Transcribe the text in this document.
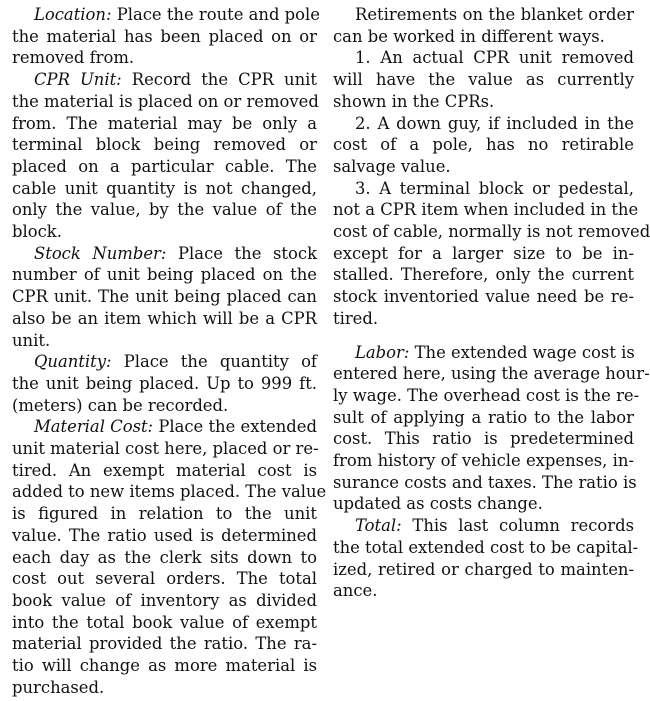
Location: Place the route and pole
the material has been placed on or
removed from.
CPR Unit: Record the CPR unit
the material is placed on or removed
from. The material may be only a
terminal block being removed or
placed on a particular cable. The
cable unit quantity is not changed,
only the value, by the value of the
block.
Stock Number: Place the stock
number of unit being placed on the
CPR unit. The unit being placed can
also be an item which will be a CPR
unit.
Quantity: Place the quantity of
the unit being placed. Up to 999 ft.
(meters) can be recorded.
Material Cost: Place the extended
unit material cost here, placed or re-
tired. An exempt material cost is
added to new items placed. The value
is figured in relation to the unit
value. The ratio used is determined
each day as the clerk sits down to
cost out several orders. The total
book value of inventory as divided
into the total book value of exempt
material provided the ratio. The ra-
tio will change as more material is
purchased.
Retirements on the blanket order
can be worked in different ways.
1. An actual CPR unit removed
will have the value as currently
shown in the CPRs.
2. A down guy, if included in the
cost of a pole, has no retirable
salvage value.
3. A terminal block or pedestal,
not a CPR item when included in the
cost of cable, normally is not removed
except for a larger size to be in-
stalled. Therefore, only the current
stock inventoried value need be re-
tired.
Labor: The extended wage cost is
entered here, using the average hour-
ly wage. The overhead cost is the re-
sult of applying a ratio to the labor
cost. This ratio is predetermined
from history of vehicle expenses, in-
surance costs and taxes. The ratio is
updated as costs change.
Total: This last column records
the total extended cost to be capital-
ized, retired or charged to mainten-
ance.
